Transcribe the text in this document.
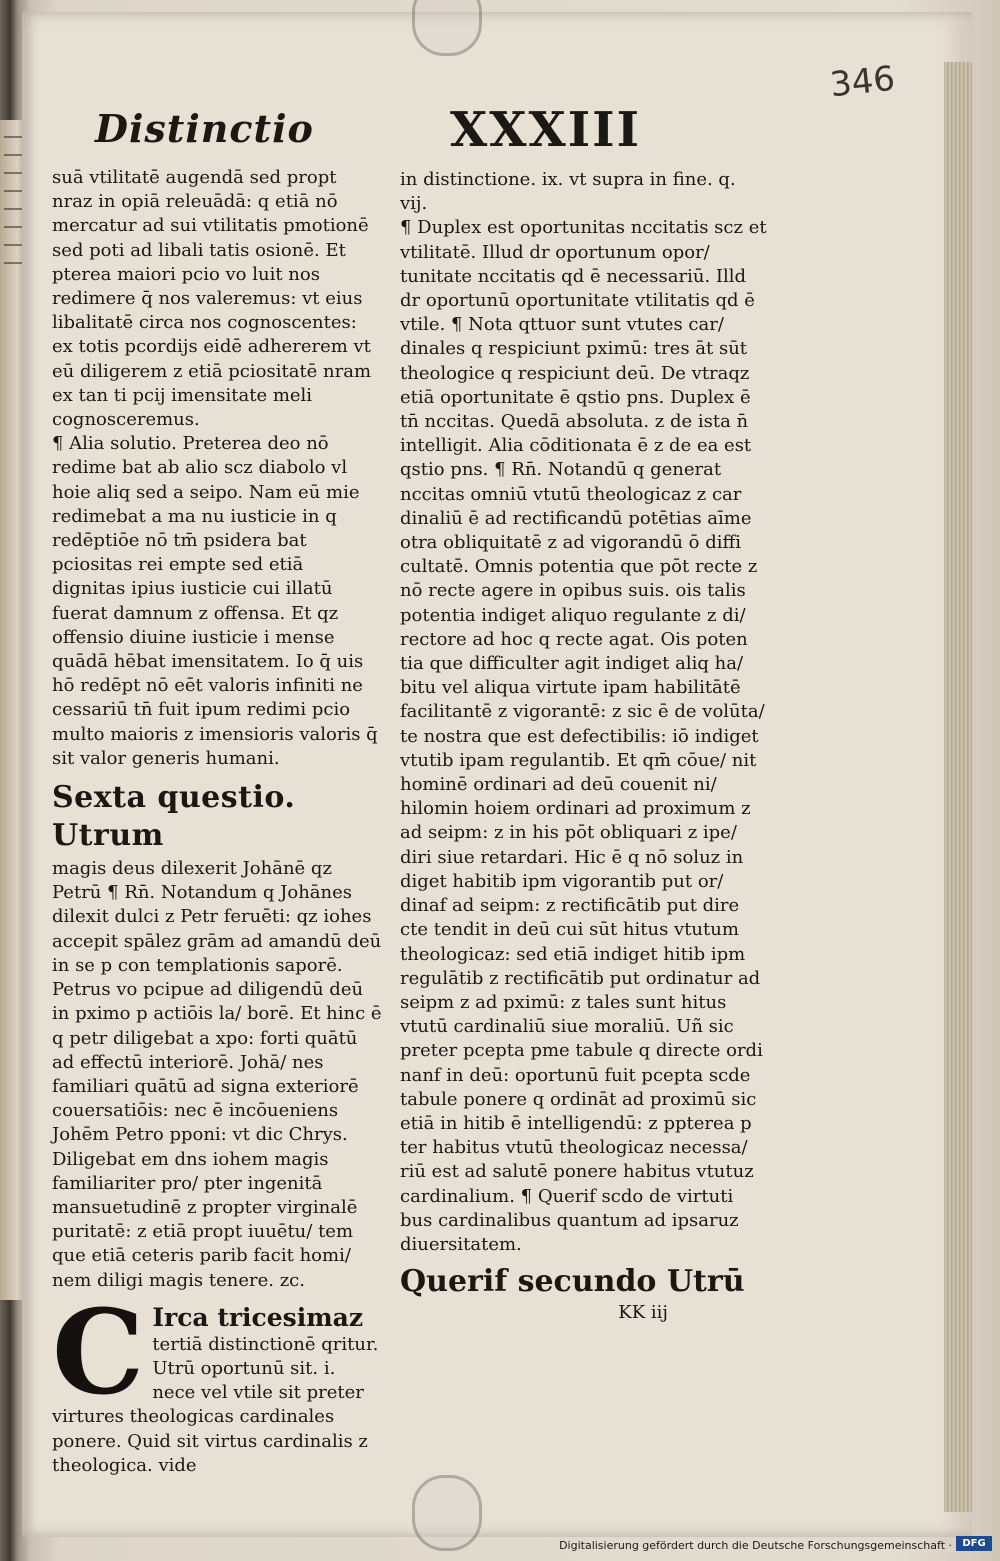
346
Distinctio	XXXIII
suā vtilitatē augendā sed propt nraz in opiā releuādā: q etiā nō mercatur ad sui vtilitatis pmotionē sed poti ad libali tatis osionē. Et pterea maiori pcio vo luit nos redimere q̄ nos valeremus: vt eius libalitatē circa nos cognoscentes: ex totis pcordijs eidē adhererem vt eū diligerem z etiā pciositatē nram ex tan ti pcij imensitate meli cognosceremus.
¶ Alia solutio. Preterea deo nō redime bat ab alio scz diabolo vl hoie aliq sed a seipo. Nam eū mie redimebat a ma nu iusticie in q redēptiōe nō tm̄ psidera bat pciositas rei empte sed etiā dignitas ipius iusticie cui illatū fuerat damnum z offensa. Et qz offensio diuine iusticie i mense quādā hēbat imensitatem. Io q̄ uis hō redēpt nō eēt valoris infiniti ne cessariū tn̄ fuit ipum redimi pcio multo maioris z imensioris valoris q̄ sit valor generis humani.
Sexta questio. Utrum
magis deus dilexerit Johānē qz Petrū ¶ Rn̄. Notandum q Johānes dilexit dulci z Petr feruēti: qz iohes accepit spālez grām ad amandū deū in se p con templationis saporē. Petrus vo pcipue ad diligendū deū in pximo p actiōis la/ borē. Et hinc ē q petr diligebat a xpo: forti quātū ad effectū interiorē. Johā/ nes familiari quātū ad signa exteriorē couersatiōis: nec ē incōueniens Johēm Petro pponi: vt dic Chrys. Diligebat em dns iohem magis familiariter pro/ pter ingenitā mansuetudinē z propter virginalē puritatē: z etiā propt iuuētu/ tem que etiā ceteris parib facit homi/ nem diligi magis tenere. zc.
C Irca tricesimaz
tertiā distinctionē qritur. Utrū oportunū sit. i. nece vel vtile sit preter virtures theologicas cardinales ponere. Quid sit virtus cardinalis z theologica. vide
in distinctione. ix. vt supra in fine. q. vij.
¶ Duplex est oportunitas nccitatis scz et vtilitatē. Illud dr oportunum opor/ tunitate nccitatis qd ē necessariū. Illd dr oportunū oportunitate vtilitatis qd ē vtile. ¶ Nota qttuor sunt vtutes car/ dinales q respiciunt pximū: tres āt sūt theologice q respiciunt deū. De vtraqz etiā oportunitate ē qstio pns. Duplex ē tn̄ nccitas. Quedā absoluta. z de ista n̄ intelligit. Alia cōditionata ē z de ea est qstio pns. ¶ Rn̄. Notandū q generat nccitas omniū vtutū theologicaz z car dinaliū ē ad rectificandū potētias aīme otra obliquitatē z ad vigorandū ō diffi cultatē. Omnis potentia que pōt recte z nō recte agere in opibus suis. ois talis potentia indiget aliquo regulante z di/ rectore ad hoc q recte agat. Ois poten tia que difficulter agit indiget aliq ha/ bitu vel aliqua virtute ipam habilitātē facilitantē z vigorantē: z sic ē de volūta/ te nostra que est defectibilis: iō indiget vtutib ipam regulantib. Et qm̄ cōue/ nit hominē ordinari ad deū couenit ni/ hilomin hoiem ordinari ad proximum z ad seipm: z in his pōt obliquari z ipe/ diri siue retardari. Hic ē q nō soluz in diget habitib ipm vigorantib put or/ dinaf ad seipm: z rectificātib put dire cte tendit in deū cui sūt hitus vtutum theologicaz: sed etiā indiget hitib ipm regulātib z rectificātib put ordinatur ad seipm z ad pximū: z tales sunt hitus vtutū cardinaliū siue moraliū. Uñ sic preter pcepta pme tabule q directe ordi nanf in deū: oportunū fuit pcepta scde tabule ponere q ordināt ad proximū sic etiā in hitib ē intelligendū: z ppterea p ter habitus vtutū theologicaz necessa/ riū est ad salutē ponere habitus vtutuz cardinalium. ¶ Querif scdo de virtuti bus cardinalibus quantum ad ipsaruz diuersitatem.
Querif secundo Utrū
KK iij
Digitalisierung gefördert durch die Deutsche Forschungsgemeinschaft ·	DFG
